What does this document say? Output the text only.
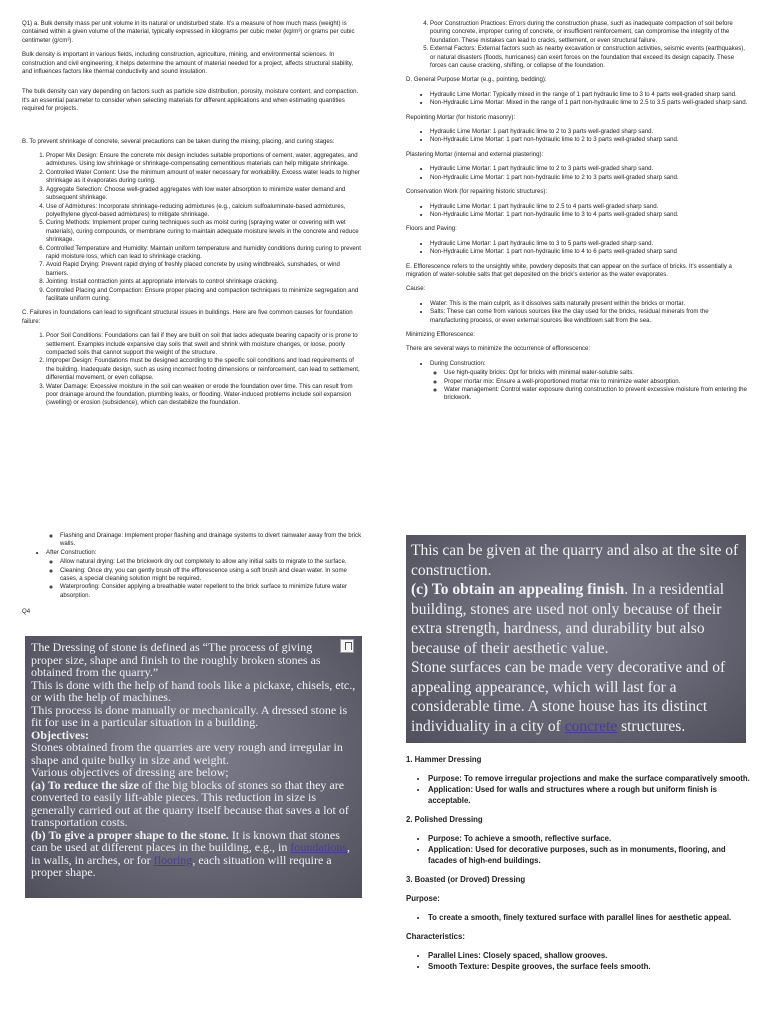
Q1) a. Bulk density mass per unit volume in its natural or undisturbed state. It's a measure of how much mass (weight) is contained within a given volume of the material, typically expressed in kilograms per cubic meter (kg/m³) or grams per cubic centimeter (g/cm³).

Bulk density is important in various fields, including construction, agriculture, mining, and environmental sciences. In construction and civil engineering, it helps determine the amount of material needed for a project, affects structural stability, and influences factors like thermal conductivity and sound insulation.

The bulk density can vary depending on factors such as particle size distribution, porosity, moisture content, and compaction. It's an essential parameter to consider when selecting materials for different applications and when estimating quantities required for projects.

B. To prevent shrinkage of concrete, several precautions can be taken during the mixing, placing, and curing stages:

1. Proper Mix Design: Ensure the concrete mix design includes suitable proportions of cement, water, aggregates, and admixtures. Using low shrinkage or shrinkage-compensating cementitious materials can help mitigate shrinkage.
2. Controlled Water Content: Use the minimum amount of water necessary for workability. Excess water leads to higher shrinkage as it evaporates during curing.
3. Aggregate Selection: Choose well-graded aggregates with low water absorption to minimize water demand and subsequent shrinkage.
4. Use of Admixtures: Incorporate shrinkage-reducing admixtures (e.g., calcium sulfoaluminate-based admixtures, polyethylene glycol-based admixtures) to mitigate shrinkage.
5. Curing Methods: Implement proper curing techniques such as moist curing (spraying water or covering with wet materials), curing compounds, or membrane curing to maintain adequate moisture levels in the concrete and reduce shrinkage.
6. Controlled Temperature and Humidity: Maintain uniform temperature and humidity conditions during curing to prevent rapid moisture loss, which can lead to shrinkage cracking.
7. Avoid Rapid Drying: Prevent rapid drying of freshly placed concrete by using windbreaks, sunshades, or wind barriers.
8. Jointing: Install contraction joints at appropriate intervals to control shrinkage cracking.
9. Controlled Placing and Compaction: Ensure proper placing and compaction techniques to minimize segregation and facilitate uniform curing.

C. Failures in foundations can lead to significant structural issues in buildings. Here are five common causes for foundation failure:

1. Poor Soil Conditions: Foundations can fail if they are built on soil that lacks adequate bearing capacity or is prone to settlement. Examples include expansive clay soils that swell and shrink with moisture changes, or loose, poorly compacted soils that cannot support the weight of the structure.
2. Improper Design: Foundations must be designed according to the specific soil conditions and load requirements of the building. Inadequate design, such as using incorrect footing dimensions or reinforcement, can lead to settlement, differential movement, or even collapse.
3. Water Damage: Excessive moisture in the soil can weaken or erode the foundation over time. This can result from poor drainage around the foundation, plumbing leaks, or flooding. Water-induced problems include soil expansion (swelling) or erosion (subsidence), which can destabilize the foundation.
4. Poor Construction Practices: Errors during the construction phase, such as inadequate compaction of soil before pouring concrete, improper curing of concrete, or insufficient reinforcement, can compromise the integrity of the foundation. These mistakes can lead to cracks, settlement, or even structural failure.
5. External Factors: External factors such as nearby excavation or construction activities, seismic events (earthquakes), or natural disasters (floods, hurricanes) can exert forces on the foundation that exceed its design capacity. These forces can cause cracking, shifting, or collapse of the foundation.

D. General Purpose Mortar (e.g., pointing, bedding):

• Hydraulic Lime Mortar: Typically mixed in the range of 1 part hydraulic lime to 3 to 4 parts well-graded sharp sand.
• Non-Hydraulic Lime Mortar: Mixed in the range of 1 part non-hydraulic lime to 2.5 to 3.5 parts well-graded sharp sand.

Repointing Mortar (for historic masonry):

• Hydraulic Lime Mortar: 1 part hydraulic lime to 2 to 3 parts well-graded sharp sand.
• Non-Hydraulic Lime Mortar: 1 part non-hydraulic lime to 2 to 3 parts well-graded sharp sand.

Plastering Mortar (internal and external plastering):

• Hydraulic Lime Mortar: 1 part hydraulic lime to 2 to 3 parts well-graded sharp sand.
• Non-Hydraulic Lime Mortar: 1 part non-hydraulic lime to 2 to 3 parts well-graded sharp sand.

Conservation Work (for repairing historic structures):

• Hydraulic Lime Mortar: 1 part hydraulic lime to 2.5 to 4 parts well-graded sharp sand.
• Non-Hydraulic Lime Mortar: 1 part non-hydraulic lime to 3 to 4 parts well-graded sharp sand.

Floors and Paving:

• Hydraulic Lime Mortar: 1 part hydraulic lime to 3 to 5 parts well-graded sharp sand.
• Non-Hydraulic Lime Mortar: 1 part non-hydraulic lime to 4 to 6 parts well-graded sharp sand

E. Efflorescence refers to the unsightly white, powdery deposits that can appear on the surface of bricks. It's essentially a migration of water-soluble salts that get deposited on the brick's exterior as the water evaporates.

Cause:

• Water: This is the main culprit, as it dissolves salts naturally present within the bricks or mortar.
• Salts: These can come from various sources like the clay used for the bricks, residual minerals from the manufacturing process, or even external sources like windblown salt from the sea.

Minimizing Efflorescence:

There are several ways to minimize the occurrence of efflorescence:

• During Construction:
◦ Use high-quality bricks: Opt for bricks with minimal water-soluble salts.
◦ Proper mortar mix: Ensure a well-proportioned mortar mix to minimize water absorption.
◦ Water management: Control water exposure during construction to prevent excessive moisture from entering the brickwork.
◦ Flashing and Drainage: Implement proper flashing and drainage systems to divert rainwater away from the brick walls.
• After Construction:
◦ Allow natural drying: Let the brickwork dry out completely to allow any initial salts to migrate to the surface.
◦ Cleaning: Once dry, you can gently brush off the efflorescence using a soft brush and clean water. In some cases, a special cleaning solution might be required.
◦ Waterproofing: Consider applying a breathable water repellent to the brick surface to minimize future water absorption.
Q4

The Dressing of stone is defined as “The process of giving proper size, shape and finish to the roughly broken stones as obtained from the quarry.”

This is done with the help of hand tools like a pickaxe, chisels, etc., or with the help of machines.

This process is done manually or mechanically. A dressed stone is fit for use in a particular situation in a building.

Objectives:

Stones obtained from the quarries are very rough and irregular in shape and quite bulky in size and weight.

Various objectives of dressing are below;

(a) To reduce the size of the big blocks of stones so that they are converted to easily lift-able pieces. This reduction in size is generally carried out at the quarry itself because that saves a lot of transportation costs.

(b) To give a proper shape to the stone. It is known that stones can be used at different places in the building, e.g., in foundations, in walls, in arches, or for flooring, each situation will require a proper shape.

This can be given at the quarry and also at the site of construction.

(c) To obtain an appealing finish. In a residential building, stones are used not only because of their extra strength, hardness, and durability but also because of their aesthetic value.

Stone surfaces can be made very decorative and of appealing appearance, which will last for a considerable time. A stone house has its distinct individuality in a city of concrete structures.

1. Hammer Dressing

• Purpose: To remove irregular projections and make the surface comparatively smooth.
• Application: Used for walls and structures where a rough but uniform finish is acceptable.

2. Polished Dressing

• Purpose: To achieve a smooth, reflective surface.
• Application: Used for decorative purposes, such as in monuments, flooring, and facades of high-end buildings.

3. Boasted (or Droved) Dressing

Purpose:

• To create a smooth, finely textured surface with parallel lines for aesthetic appeal.

Characteristics:

• Parallel Lines: Closely spaced, shallow grooves.
• Smooth Texture: Despite grooves, the surface feels smooth.
